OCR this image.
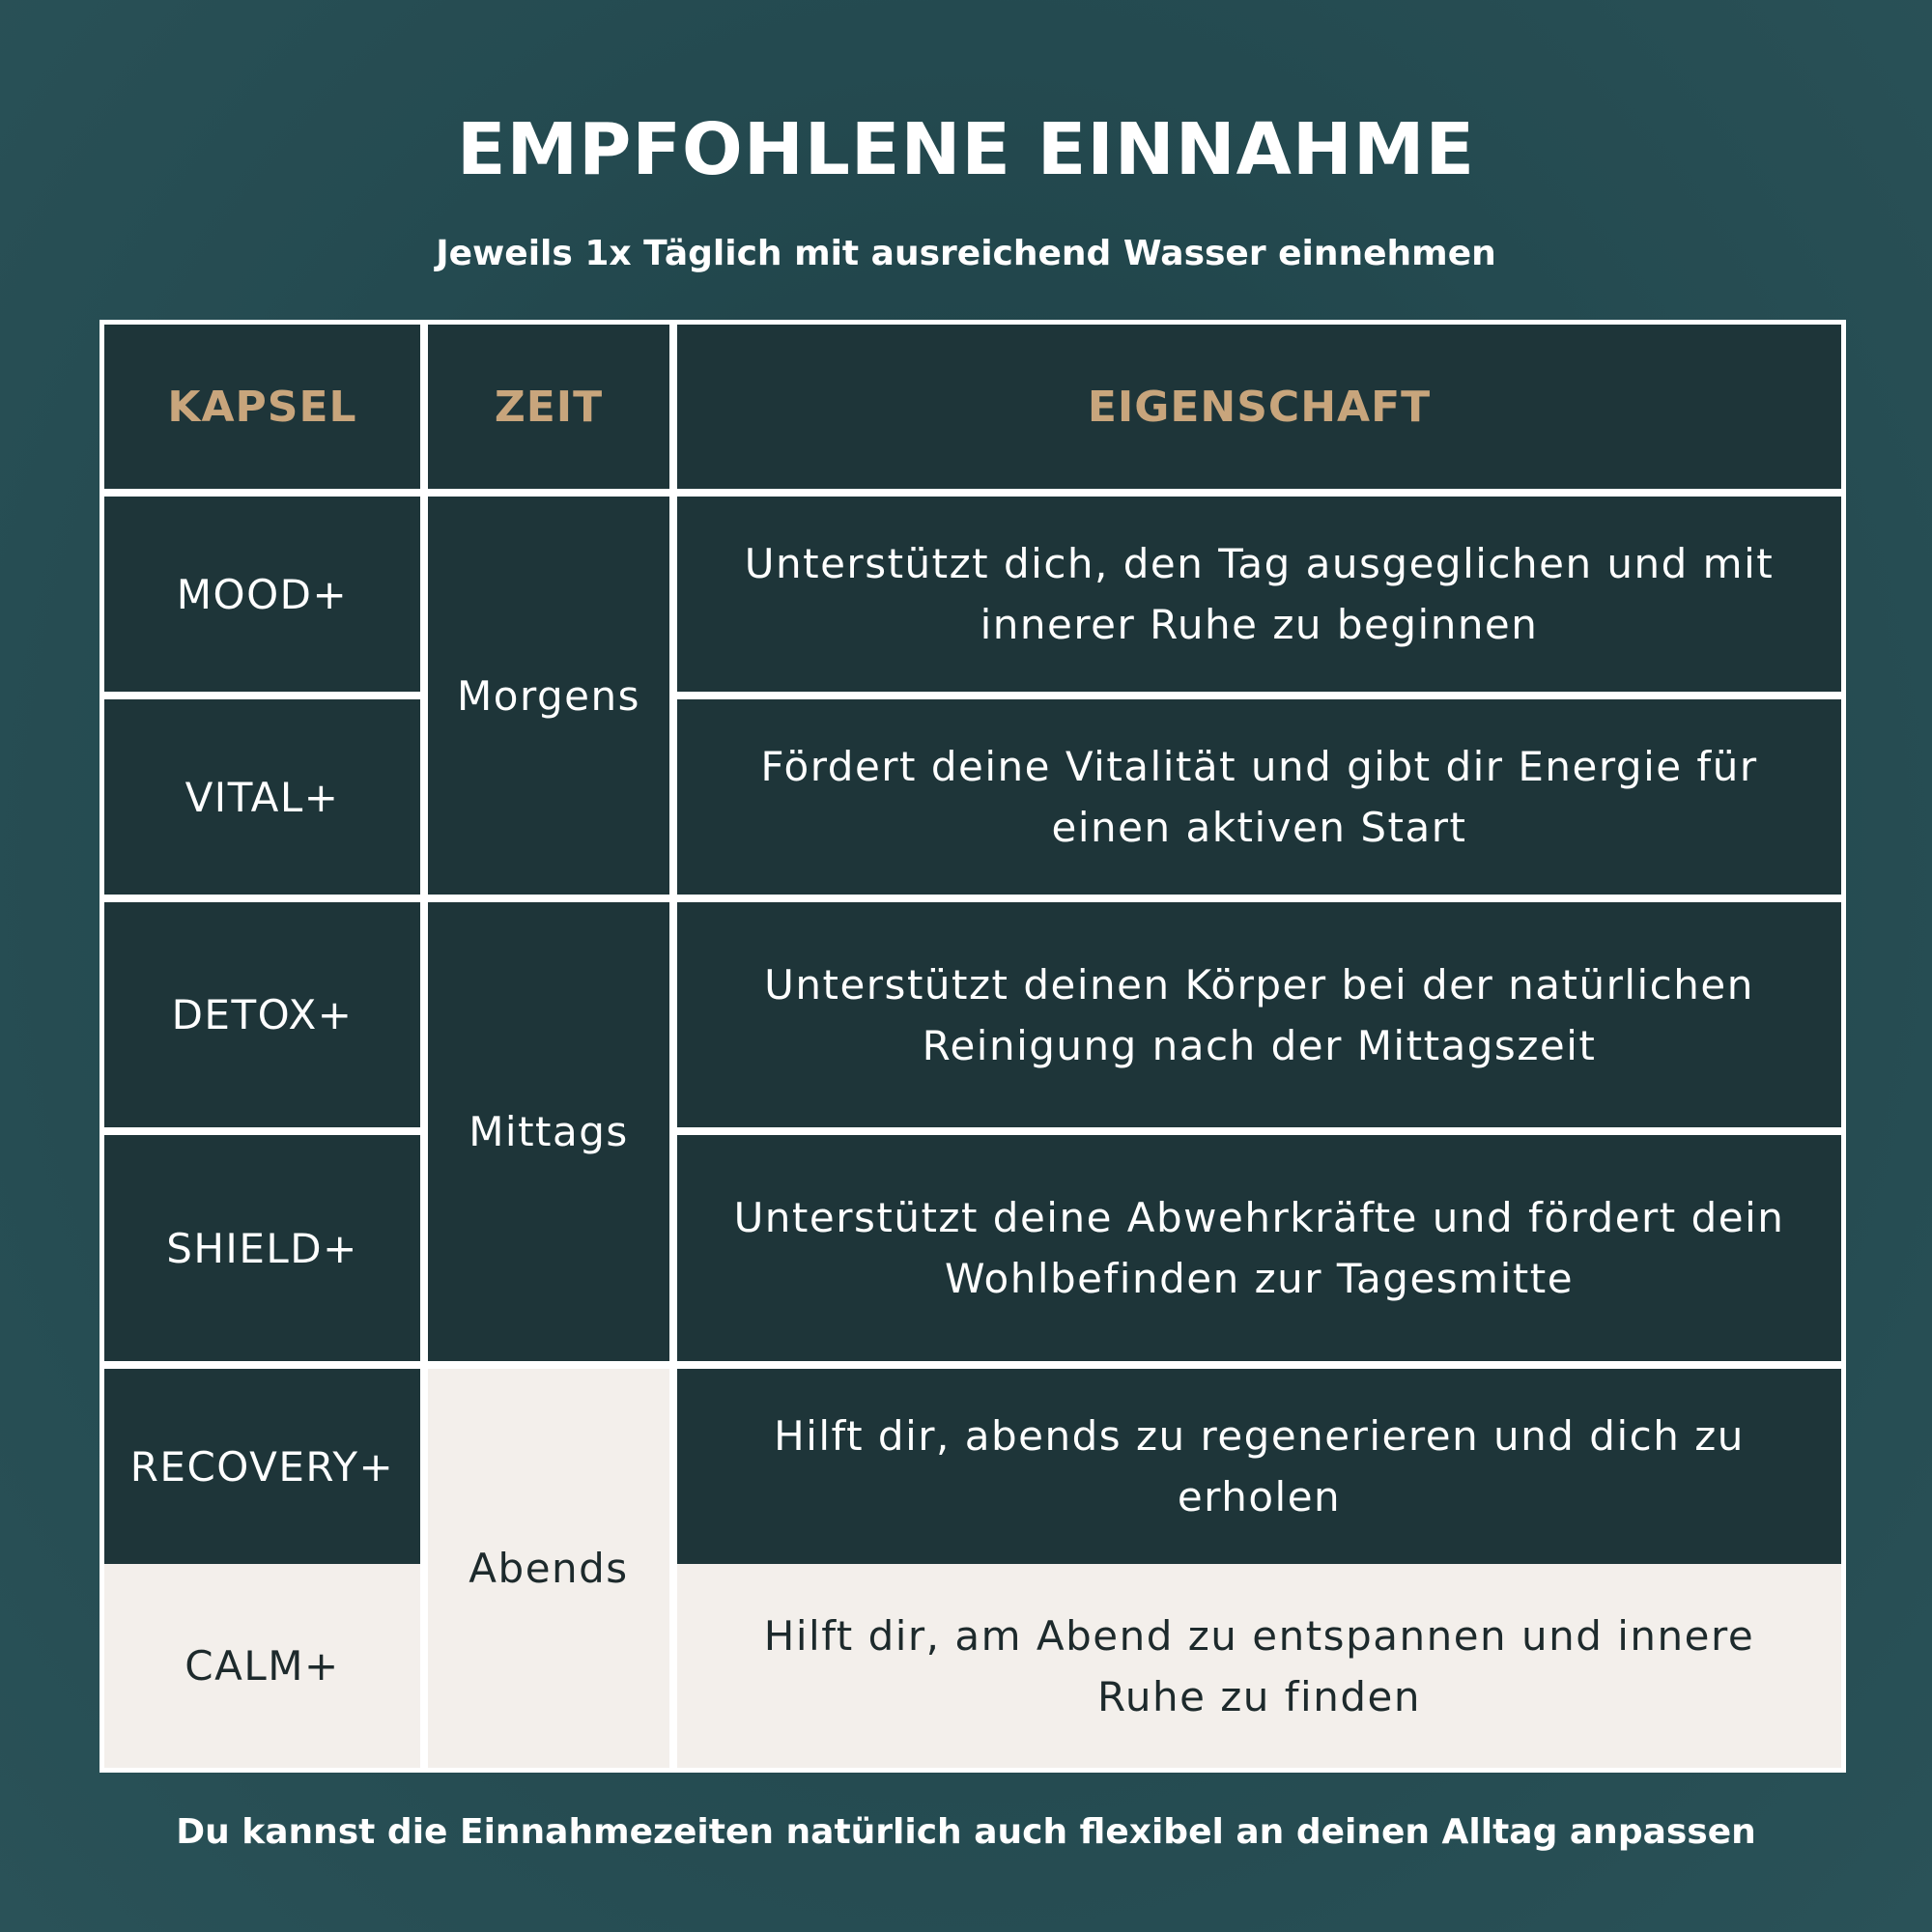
EMPFOHLENE EINNAHME
Jeweils 1x Täglich mit ausreichend Wasser einnehmen
KAPSEL	ZEIT	EIGENSCHAFT
MOOD+
Unterstützt dich, den Tag ausgeglichen und mit innerer Ruhe zu beginnen
VITAL+
Fördert deine Vitalität und gibt dir Energie für einen aktiven Start
Morgens
DETOX+
Unterstützt deinen Körper bei der natürlichen Reinigung nach der Mittagszeit
SHIELD+
Unterstützt deine Abwehrkräfte und fördert dein Wohlbefinden zur Tagesmitte
Mittags
RECOVERY+
Hilft dir, abends zu regenerieren und dich zu erholen
CALM+
Hilft dir, am Abend zu entspannen und innere Ruhe zu finden
Abends
Du kannst die Einnahmezeiten natürlich auch flexibel an deinen Alltag anpassen
